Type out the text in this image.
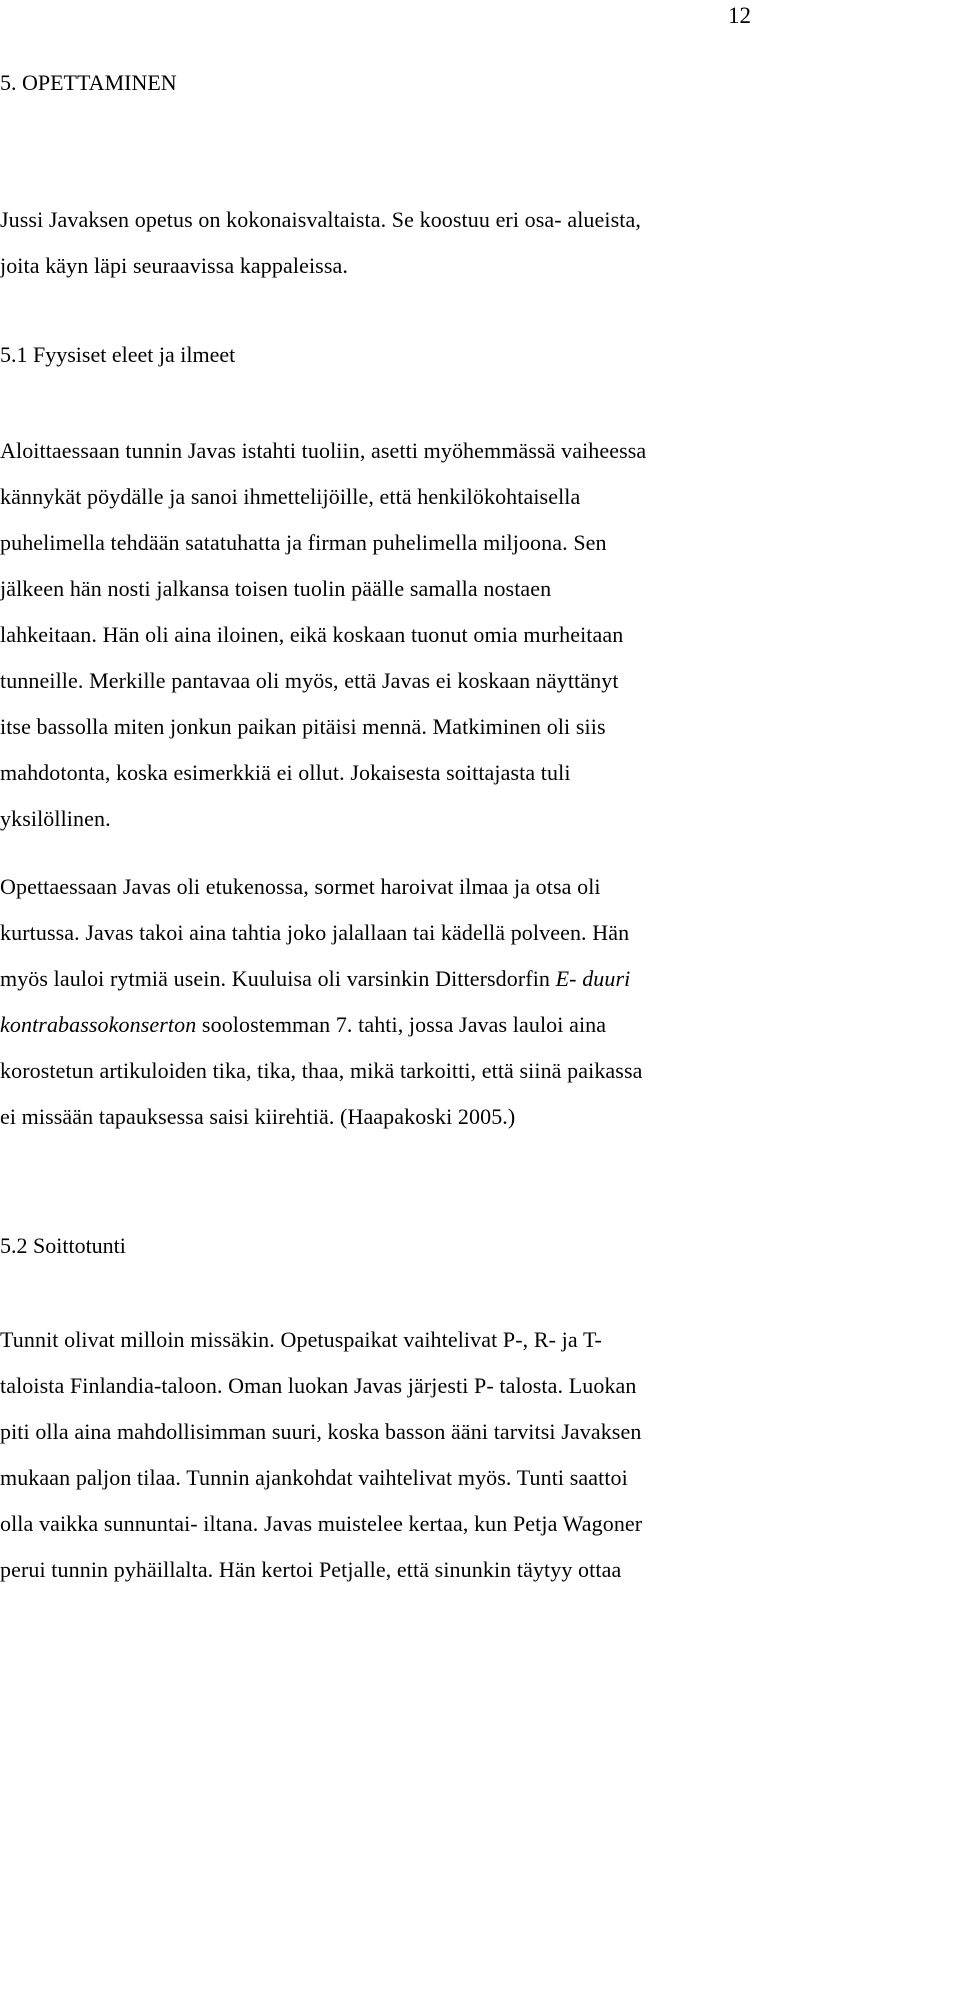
12
5. OPETTAMINEN

Jussi Javaksen opetus on kokonaisvaltaista. Se koostuu eri osa- alueista,
joita käyn läpi seuraavissa kappaleissa.

5.1 Fyysiset eleet ja ilmeet

Aloittaessaan tunnin Javas istahti tuoliin, asetti myöhemmässä vaiheessa
kännykät pöydälle ja sanoi ihmettelijöille, että henkilökohtaisella
puhelimella tehdään satatuhatta ja firman puhelimella miljoona. Sen
jälkeen hän nosti jalkansa toisen tuolin päälle samalla nostaen
lahkeitaan. Hän oli aina iloinen, eikä koskaan tuonut omia murheitaan
tunneille. Merkille pantavaa oli myös, että Javas ei koskaan näyttänyt
itse bassolla miten jonkun paikan pitäisi mennä. Matkiminen oli siis
mahdotonta, koska esimerkkiä ei ollut. Jokaisesta soittajasta tuli
yksilöllinen.

Opettaessaan Javas oli etukenossa, sormet haroivat ilmaa ja otsa oli
kurtussa. Javas takoi aina tahtia joko jalallaan tai kädellä polveen. Hän
myös lauloi rytmiä usein. Kuuluisa oli varsinkin Dittersdorfin E- duuri
kontrabassokonserton soolostemman 7. tahti, jossa Javas lauloi aina
korostetun artikuloiden tika, tika, thaa, mikä tarkoitti, että siinä paikassa
ei missään tapauksessa saisi kiirehtiä. (Haapakoski 2005.)

5.2 Soittotunti

Tunnit olivat milloin missäkin. Opetuspaikat vaihtelivat P-, R- ja T-
taloista Finlandia-taloon. Oman luokan Javas järjesti P- talosta. Luokan
piti olla aina mahdollisimman suuri, koska basson ääni tarvitsi Javaksen
mukaan paljon tilaa. Tunnin ajankohdat vaihtelivat myös. Tunti saattoi
olla vaikka sunnuntai- iltana. Javas muistelee kertaa, kun Petja Wagoner
perui tunnin pyhäillalta. Hän kertoi Petjalle, että sinunkin täytyy ottaa
